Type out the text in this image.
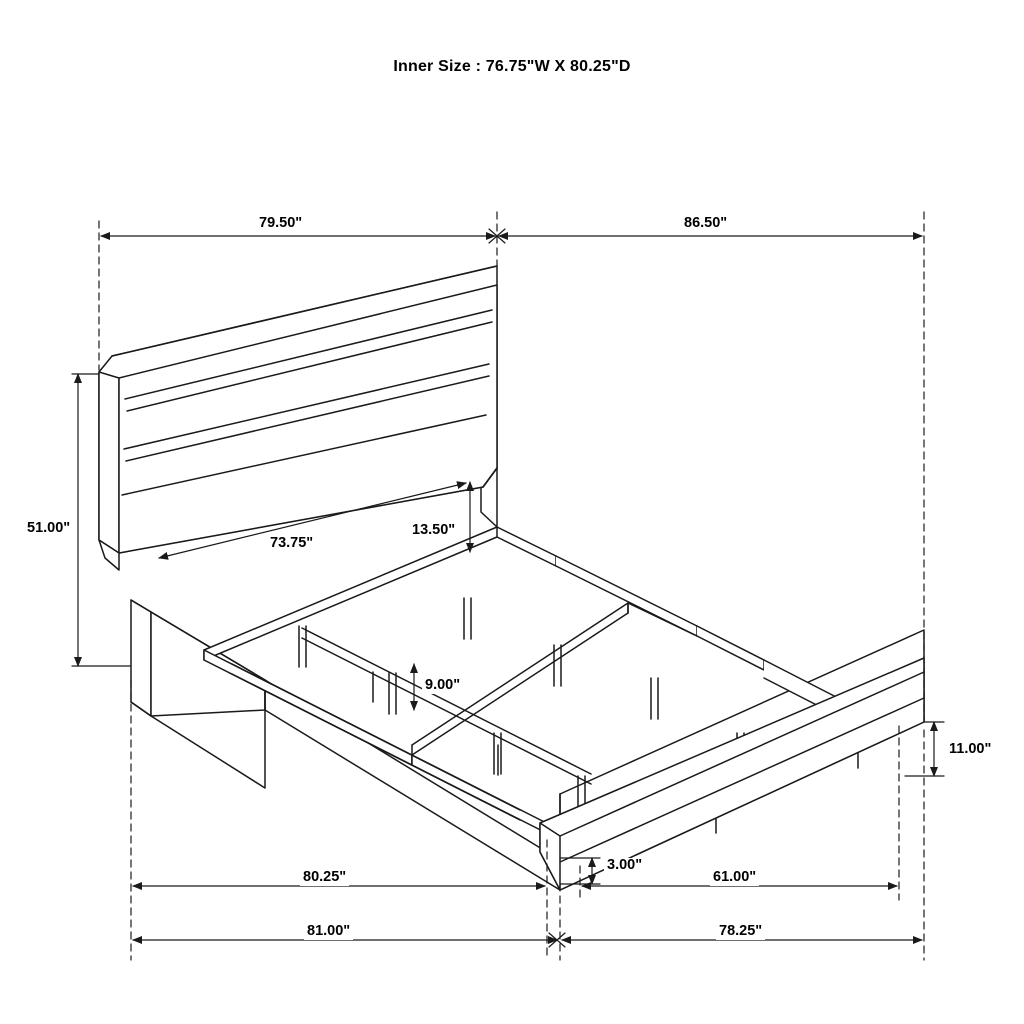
Inner Size : 76.75"W X 80.25"D
79.50"	86.50"
51.00"
73.75"
13.50"
9.00"
11.00"
3.00"
80.25"	61.00"
81.00"	78.25"
